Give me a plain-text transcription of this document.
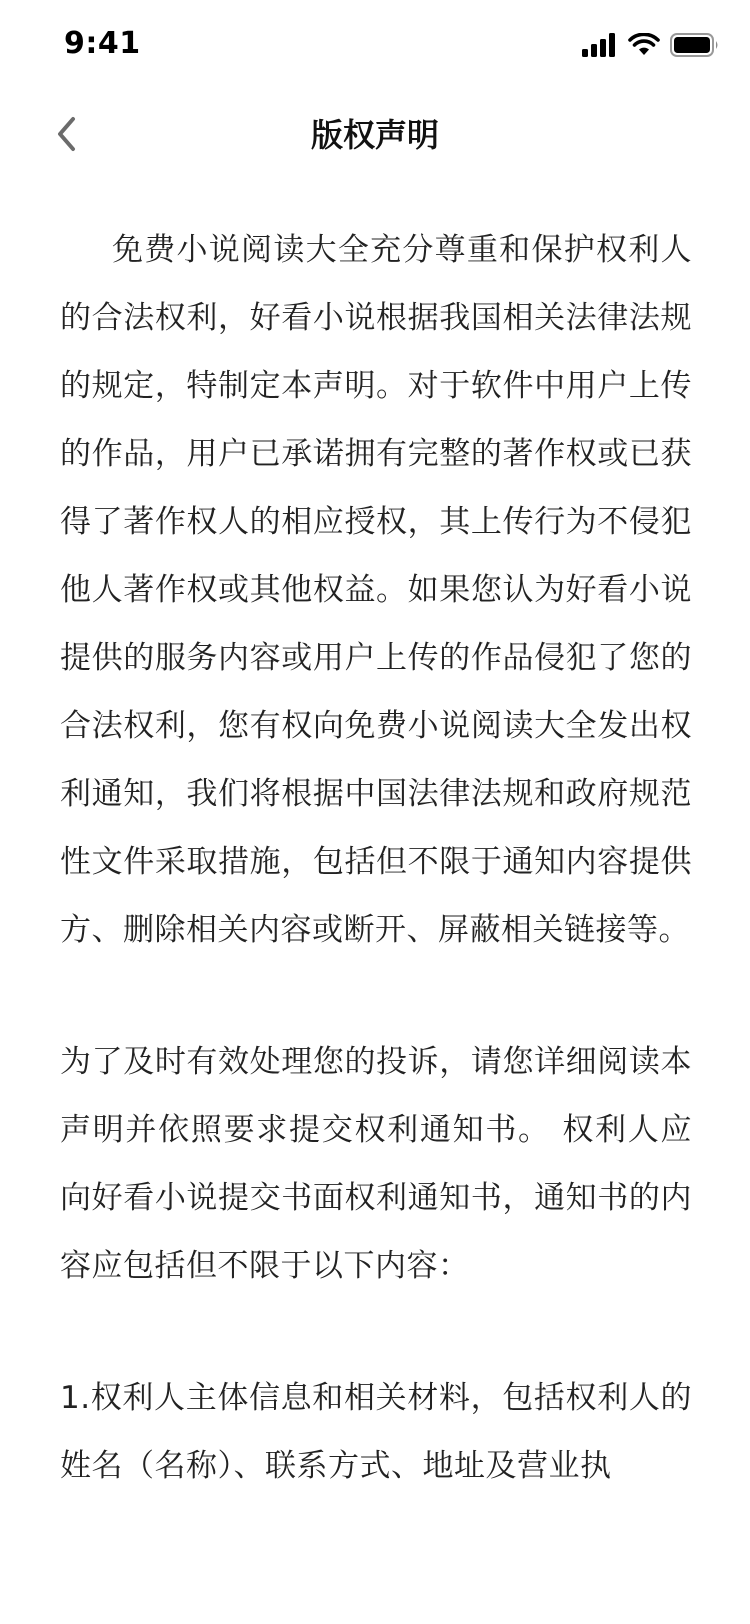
9:41
版权声明

免费小说阅读大全充分尊重和保护权利人的合法权利，好看小说根据我国相关法律法规的规定，特制定本声明。对于软件中用户上传的作品，用户已承诺拥有完整的著作权或已获得了著作权人的相应授权，其上传行为不侵犯他人著作权或其他权益。如果您认为好看小说提供的服务内容或用户上传的作品侵犯了您的合法权利，您有权向免费小说阅读大全发出权利通知，我们将根据中国法律法规和政府规范性文件采取措施，包括但不限于通知内容提供方、删除相关内容或断开、屏蔽相关链接等。

为了及时有效处理您的投诉，请您详细阅读本声明并依照要求提交权利通知书。 权利人应向好看小说提交书面权利通知书，通知书的内容应包括但不限于以下内容：

1.权利人主体信息和相关材料，包括权利人的姓名（名称）、联系方式、地址及营业执
